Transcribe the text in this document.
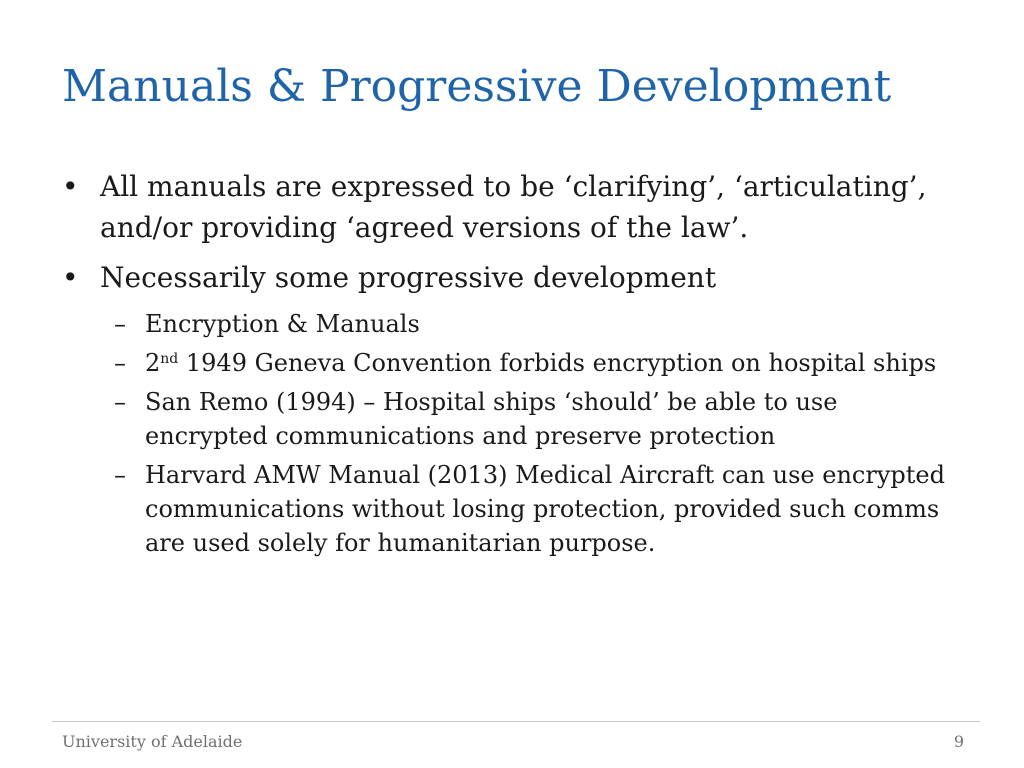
Manuals & Progressive Development
• All manuals are expressed to be ‘clarifying’, ‘articulating’, and/or providing ‘agreed versions of the law’.
• Necessarily some progressive development
– Encryption & Manuals
– 2nd 1949 Geneva Convention forbids encryption on hospital ships
– San Remo (1994) – Hospital ships ‘should’ be able to use encrypted communications and preserve protection
– Harvard AMW Manual (2013) Medical Aircraft can use encrypted communications without losing protection, provided such comms are used solely for humanitarian purpose.
University of Adelaide	9
